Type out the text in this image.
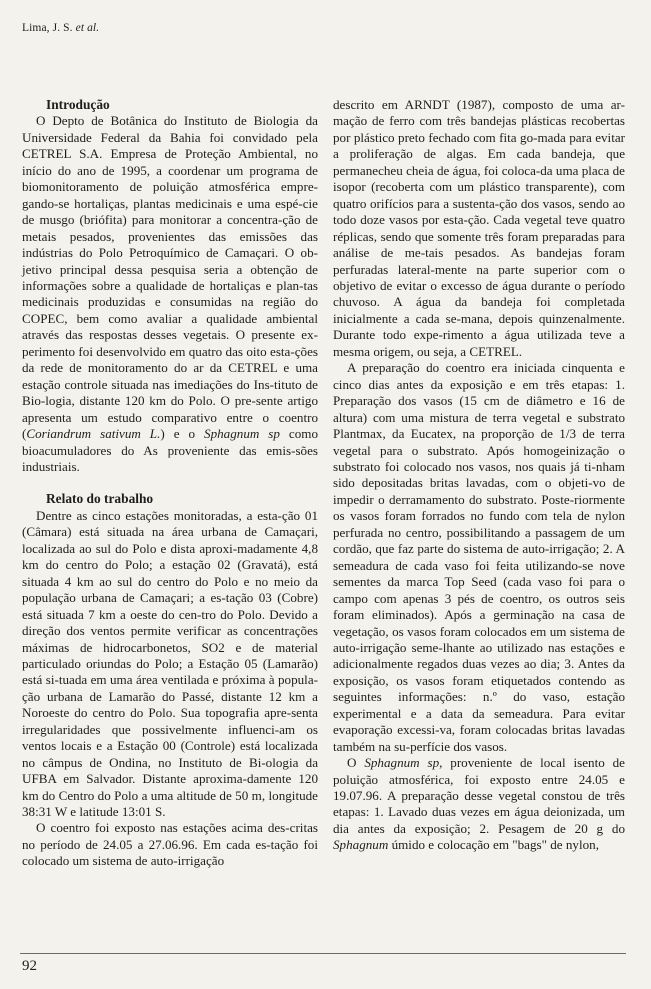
Lima, J. S. et al.
Introdução

O Depto de Botânica do Instituto de Biologia da Universidade Federal da Bahia foi convidado pela CETREL S.A. Empresa de Proteção Ambiental, no início do ano de 1995, a coordenar um programa de biomonitoramento de poluição atmosférica empre-gando-se hortaliças, plantas medicinais e uma espé-cie de musgo (briófita) para monitorar a concentra-ção de metais pesados, provenientes das emissões das indústrias do Polo Petroquímico de Camaçari. O ob-jetivo principal dessa pesquisa seria a obtenção de informações sobre a qualidade de hortaliças e plan-tas medicinais produzidas e consumidas na região do COPEC, bem como avaliar a qualidade ambiental através das respostas desses vegetais. O presente ex-perimento foi desenvolvido em quatro das oito esta-ções da rede de monitoramento do ar da CETREL e uma estação controle situada nas imediações do Ins-tituto de Bio-logia, distante 120 km do Polo. O pre-sente artigo apresenta um estudo comparativo entre o coentro (Coriandrum sativum L.) e o Sphagnum sp como bioacumuladores do As proveniente das emis-sões industriais.

Relato do trabalho

Dentre as cinco estações monitoradas, a esta-ção 01 (Câmara) está situada na área urbana de Camaçari, localizada ao sul do Polo e dista aproxi-madamente 4,8 km do centro do Polo; a estação 02 (Gravatá), está situada 4 km ao sul do centro do Polo e no meio da população urbana de Camaçari; a es-tação 03 (Cobre) está situada 7 km a oeste do cen-tro do Polo. Devido a direção dos ventos permite verificar as concentrações máximas de hidrocarbonetos, SO2 e de material particulado oriundas do Polo; a Estação 05 (Lamarão) está si-tuada em uma área ventilada e próxima à popula-ção urbana de Lamarão do Passé, distante 12 km a Noroeste do centro do Polo. Sua topografia apre-senta irregularidades que possivelmente influenci-am os ventos locais e a Estação 00 (Controle) está localizada no câmpus de Ondina, no Instituto de Bi-ologia da UFBA em Salvador. Distante aproxima-damente 120 km do Centro do Polo a uma altitude de 50 m, longitude 38:31 W e latitude 13:01 S.

O coentro foi exposto nas estações acima des-critas no período de 24.05 a 27.06.96. Em cada es-tação foi colocado um sistema de auto-irrigação

descrito em ARNDT (1987), composto de uma ar-mação de ferro com três bandejas plásticas recobertas por plástico preto fechado com fita go-mada para evitar a proliferação de algas. Em cada bandeja, que permanecheu cheia de água, foi coloca-da uma placa de isopor (recoberta com um plástico transparente), com quatro orifícios para a sustenta-ção dos vasos, sendo ao todo doze vasos por esta-ção. Cada vegetal teve quatro réplicas, sendo que somente três foram preparadas para análise de me-tais pesados. As bandejas foram perfuradas lateral-mente na parte superior com o objetivo de evitar o excesso de água durante o período chuvoso. A água da bandeja foi completada inicialmente a cada se-mana, depois quinzenalmente. Durante todo expe-rimento a água utilizada teve a mesma origem, ou seja, a CETREL.

A preparação do coentro era iniciada cinquenta e cinco dias antes da exposição e em três etapas: 1. Preparação dos vasos (15 cm de diâmetro e 16 de altura) com uma mistura de terra vegetal e substrato Plantmax, da Eucatex, na proporção de 1/3 de terra vegetal para o substrato. Após homogeinização o substrato foi colocado nos vasos, nos quais já ti-nham sido depositadas britas lavadas, com o objeti-vo de impedir o derramamento do substrato. Poste-riormente os vasos foram forrados no fundo com tela de nylon perfurada no centro, possibilitando a passagem de um cordão, que faz parte do sistema de auto-irrigação; 2. A semeadura de cada vaso foi feita utilizando-se nove sementes da marca Top Seed (cada vaso foi para o campo com apenas 3 pés de coentro, os outros seis foram eliminados). Após a germinação na casa de vegetação, os vasos foram colocados em um sistema de auto-irrigação seme-lhante ao utilizado nas estações e adicionalmente regados duas vezes ao dia; 3. Antes da exposição, os vasos foram etiquetados contendo as seguintes informações: n.º do vaso, estação experimental e a data da semeadura. Para evitar evaporação excessi-va, foram colocadas britas lavadas também na su-perfície dos vasos.

O Sphagnum sp, proveniente de local isento de poluição atmosférica, foi exposto entre 24.05 e 19.07.96. A preparação desse vegetal constou de três etapas: 1. Lavado duas vezes em água deionizada, um dia antes da exposição; 2. Pesagem de 20 g do Sphagnum úmido e colocação em "bags" de nylon,

92
